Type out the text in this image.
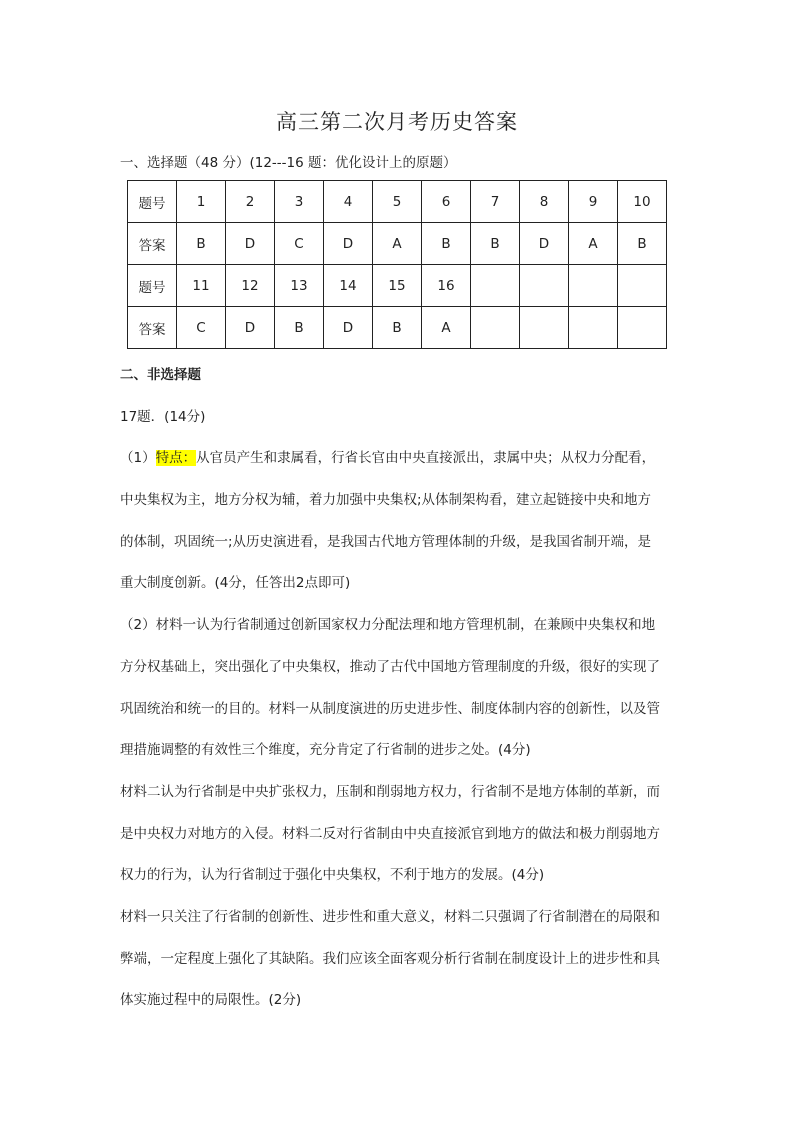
高三第二次月考历史答案
一、选择题（48 分）(12---16 题：优化设计上的原题）
题号	1	2	3	4	5	6	7	8	9	10
答案	B	D	C	D	A	B	B	D	A	B
题号	11	12	13	14	15	16				
答案	C	D	B	D	B	A				
二、非选择题
17题．(14分)
（1）特点：从官员产生和隶属看，行省长官由中央直接派出，隶属中央；从权力分配看，
中央集权为主，地方分权为辅，着力加强中央集权;从体制架构看，建立起链接中央和地方
的体制，巩固统一;从历史演进看，是我国古代地方管理体制的升级，是我国省制开端，是
重大制度创新。(4分，任答出2点即可)
（2）材料一认为行省制通过创新国家权力分配法理和地方管理机制，在兼顾中央集权和地
方分权基础上，突出强化了中央集权，推动了古代中国地方管理制度的升级，很好的实现了
巩固统治和统一的目的。材料一从制度演进的历史进步性、制度体制内容的创新性，以及管
理措施调整的有效性三个维度，充分肯定了行省制的进步之处。(4分)
材料二认为行省制是中央扩张权力，压制和削弱地方权力，行省制不是地方体制的革新，而
是中央权力对地方的入侵。材料二反对行省制由中央直接派官到地方的做法和极力削弱地方
权力的行为，认为行省制过于强化中央集权，不利于地方的发展。(4分)
材料一只关注了行省制的创新性、进步性和重大意义，材料二只强调了行省制潜在的局限和
弊端，一定程度上强化了其缺陷。我们应该全面客观分析行省制在制度设计上的进步性和具
体实施过程中的局限性。(2分)
